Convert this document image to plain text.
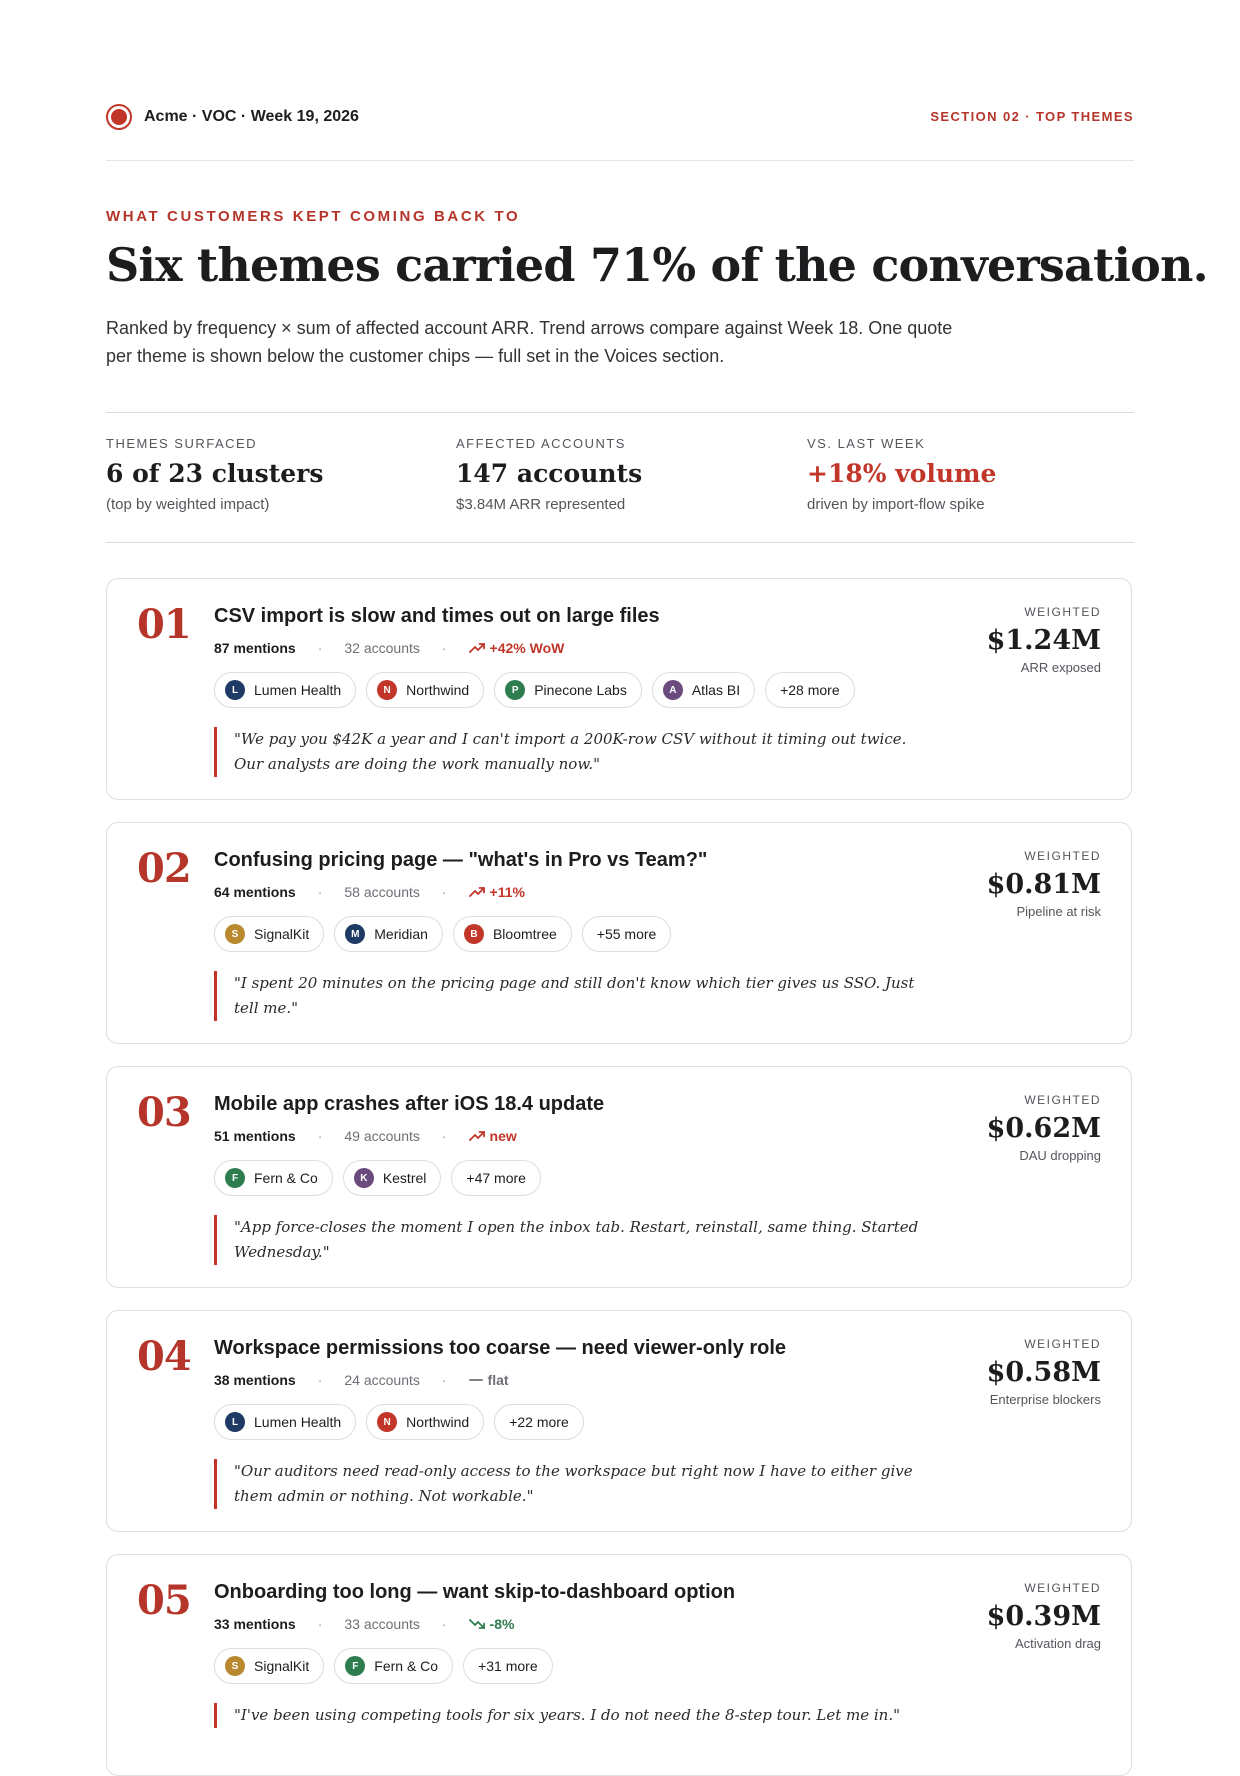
Acme · VOC · Week 19, 2026	SECTION 02 · TOP THEMES
WHAT CUSTOMERS KEPT COMING BACK TO
Six themes carried 71% of the conversation.

Ranked by frequency × sum of affected account ARR. Trend arrows compare against Week 18. One quote per theme is shown below the customer chips — full set in the Voices section.

THEMES SURFACED
6 of 23 clusters
(top by weighted impact)
AFFECTED ACCOUNTS
147 accounts
$3.84M ARR represented
VS. LAST WEEK
+18% volume
driven by import-flow spike
01 CSV import is slow and times out on large files
87 mentions · 32 accounts ·	+42% WoW
L	Lumen Health	N	Northwind	P	Pinecone Labs	A	Atlas BI	+28 more
"We pay you $42K a year and I can't import a 200K-row CSV without it timing out twice. Our analysts are doing the work manually now."
WEIGHTED
$1.24M
ARR exposed
02 Confusing pricing page — "what's in Pro vs Team?"
64 mentions · 58 accounts ·	+11%
S	SignalKit	M	Meridian	B	Bloomtree	+55 more
"I spent 20 minutes on the pricing page and still don't know which tier gives us SSO. Just tell me."
WEIGHTED
$0.81M
Pipeline at risk
03 Mobile app crashes after iOS 18.4 update
51 mentions · 49 accounts ·	new
F	Fern & Co	K	Kestrel	+47 more
"App force-closes the moment I open the inbox tab. Restart, reinstall, same thing. Started Wednesday."
WEIGHTED
$0.62M
DAU dropping
04 Workspace permissions too coarse — need viewer-only role
38 mentions · 24 accounts ·	flat
L	Lumen Health	N	Northwind	+22 more
"Our auditors need read-only access to the workspace but right now I have to either give them admin or nothing. Not workable."
WEIGHTED
$0.58M
Enterprise blockers
05 Onboarding too long — want skip-to-dashboard option
33 mentions · 33 accounts ·	-8%
S	SignalKit	F	Fern & Co	+31 more
"I've been using competing tools for six years. I do not need the 8-step tour. Let me in."
WEIGHTED
$0.39M
Activation drag
